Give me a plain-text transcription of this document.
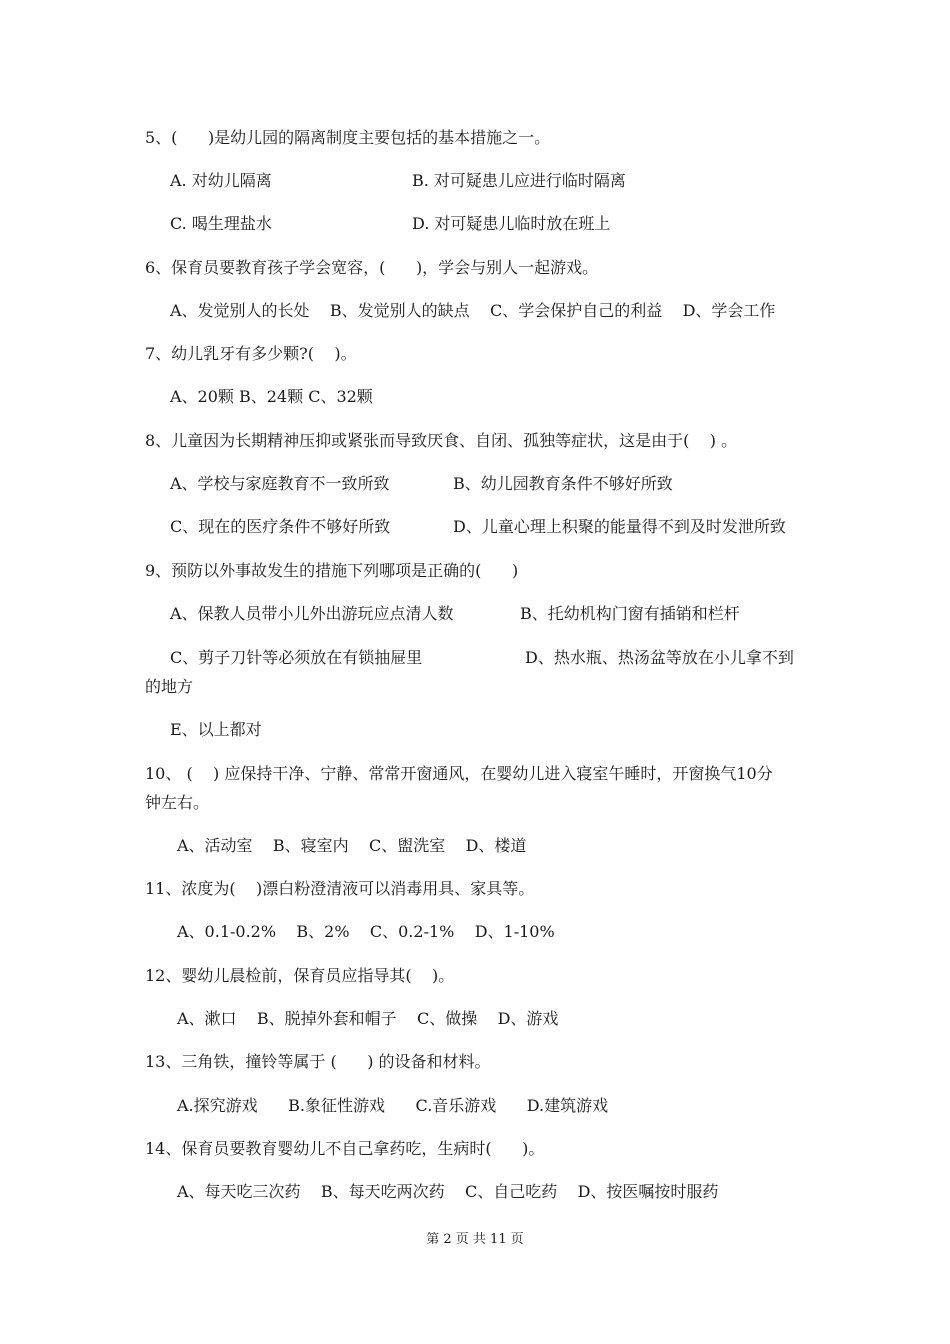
5、(      )是幼儿园的隔离制度主要包括的基本措施之一。
A. 对幼儿隔离	B. 对可疑患儿应进行临时隔离
C. 喝生理盐水	D. 对可疑患儿临时放在班上
6、保育员要教育孩子学会宽容，(      )，学会与别人一起游戏。
A、发觉别人的长处    B、发觉别人的缺点    C、学会保护自己的利益    D、学会工作
7、幼儿乳牙有多少颗?(    )。
A、20颗 B、24颗 C、32颗
8、儿童因为长期精神压抑或紧张而导致厌食、自闭、孤独等症状，这是由于(    ) 。
A、学校与家庭教育不一致所致	B、幼儿园教育条件不够好所致
C、现在的医疗条件不够好所致	D、儿童心理上积聚的能量得不到及时发泄所致
9、预防以外事故发生的措施下列哪项是正确的(      )
A、保教人员带小儿外出游玩应点清人数	B、托幼机构门窗有插销和栏杆
C、剪子刀针等必须放在有锁抽屉里	D、热水瓶、热汤盆等放在小儿拿不到
的地方
E、以上都对
10、 (    ) 应保持干净、宁静、常常开窗通风，在婴幼儿进入寝室午睡时，开窗换气10分
钟左右。
A、活动室    B、寝室内    C、盥洗室    D、楼道
11、浓度为(    )漂白粉澄清液可以消毒用具、家具等。
A、0.1-0.2%    B、2%    C、0.2-1%    D、1-10%
12、婴幼儿晨检前，保育员应指导其(    )。
A、漱口    B、脱掉外套和帽子    C、做操    D、游戏
13、三角铁，撞铃等属于 (      ) 的设备和材料。
A.探究游戏      B.象征性游戏      C.音乐游戏      D.建筑游戏
14、保育员要教育婴幼儿不自己拿药吃，生病时(      )。
A、每天吃三次药    B、每天吃两次药    C、自己吃药    D、按医嘱按时服药
第 2 页 共 11 页
